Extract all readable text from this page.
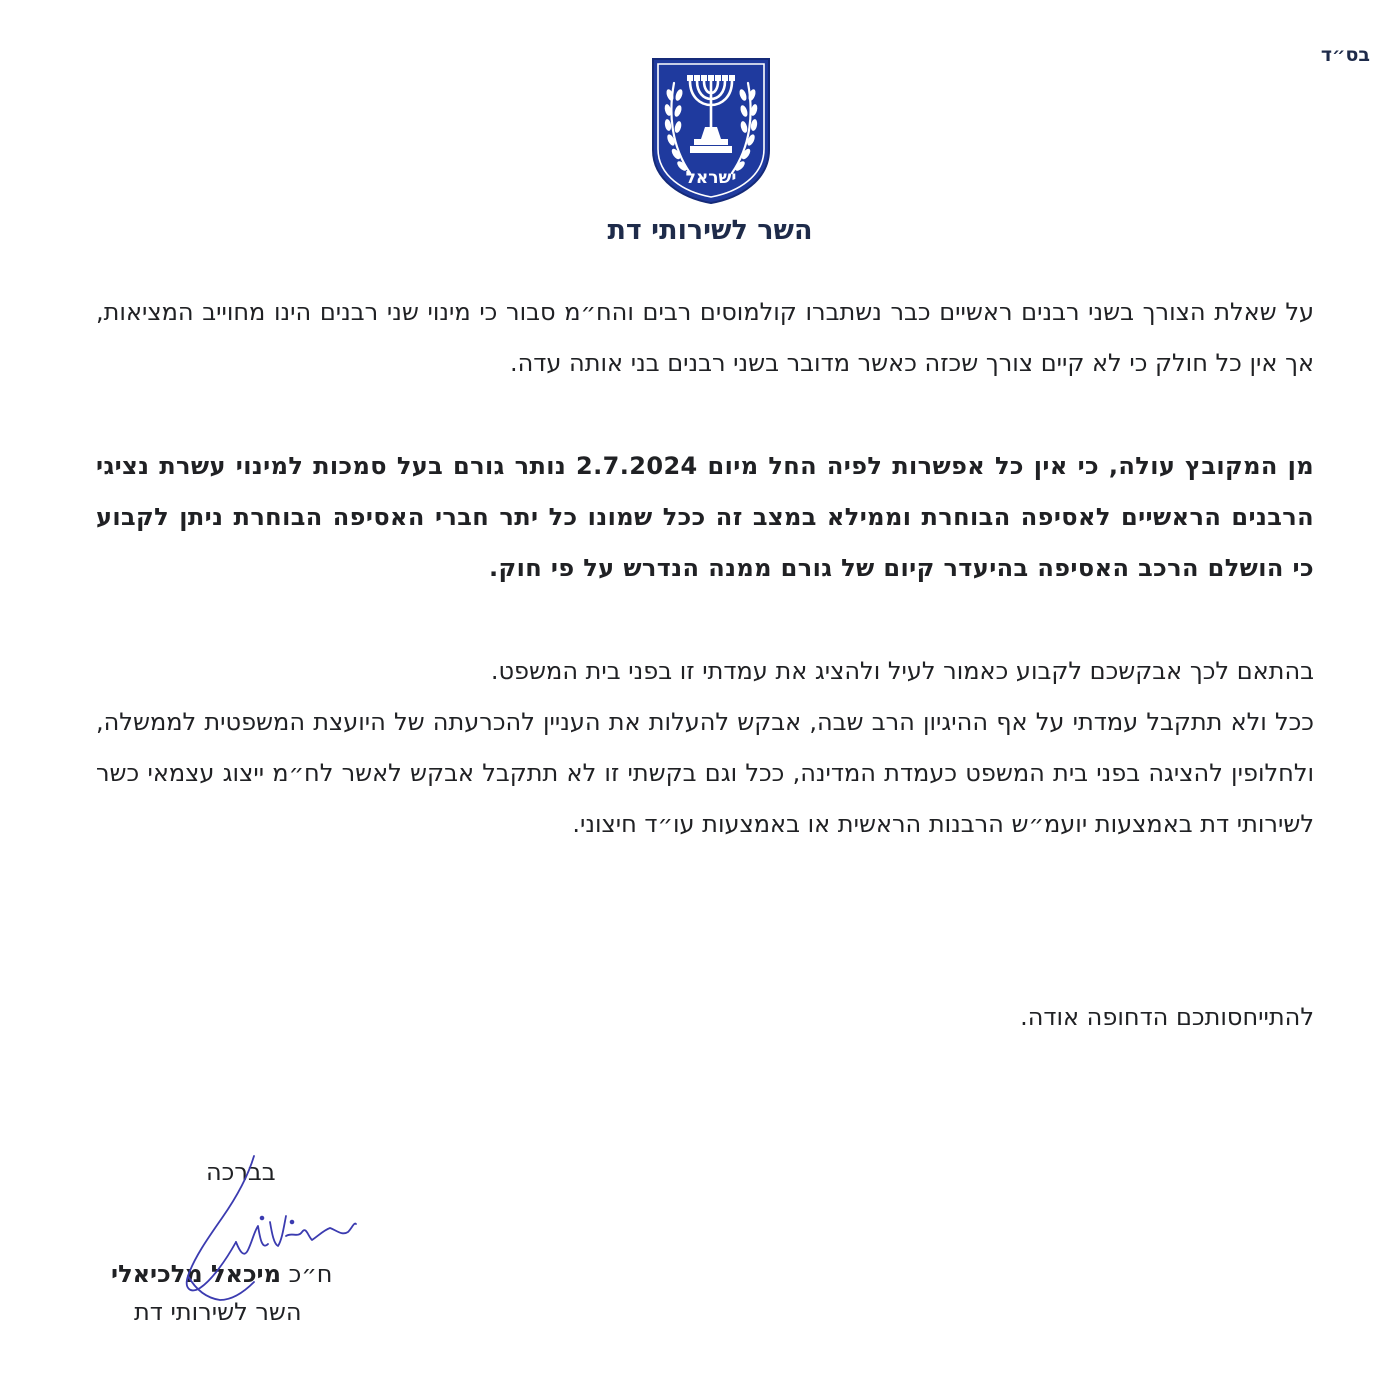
בס״ד
ישראל
השר לשירותי דת

על שאלת הצורך בשני רבנים ראשיים כבר נשתברו קולמוסים רבים והח״מ סבור כי מינוי שני רבנים הינו מחוייב המציאות, אך אין כל חולק כי לא קיים צורך שכזה כאשר מדובר בשני רבנים בני אותה עדה.

מן המקובץ עולה, כי אין כל אפשרות לפיה החל מיום 2.7.2024 נותר גורם בעל סמכות למינוי עשרת נציגי הרבנים הראשיים לאסיפה הבוחרת וממילא במצב זה ככל שמונו כל יתר חברי האסיפה הבוחרת ניתן לקבוע כי הושלם הרכב האסיפה בהיעדר קיום של גורם ממנה הנדרש על פי חוק.

בהתאם לכך אבקשכם לקבוע כאמור לעיל ולהציג את עמדתי זו בפני בית המשפט.

ככל ולא תתקבל עמדתי על אף ההיגיון הרב שבה, אבקש להעלות את העניין להכרעתה של היועצת המשפטית לממשלה, ולחלופין להציגה בפני בית המשפט כעמדת המדינה, ככל וגם בקשתי זו לא תתקבל אבקש לאשר לח״מ ייצוג עצמאי כשר לשירותי דת באמצעות יועמ״ש הרבנות הראשית או באמצעות עו״ד חיצוני.

להתייחסותכם הדחופה אודה.
בברכה
ח״כ מיכאל מלכיאלי
השר לשירותי דת
